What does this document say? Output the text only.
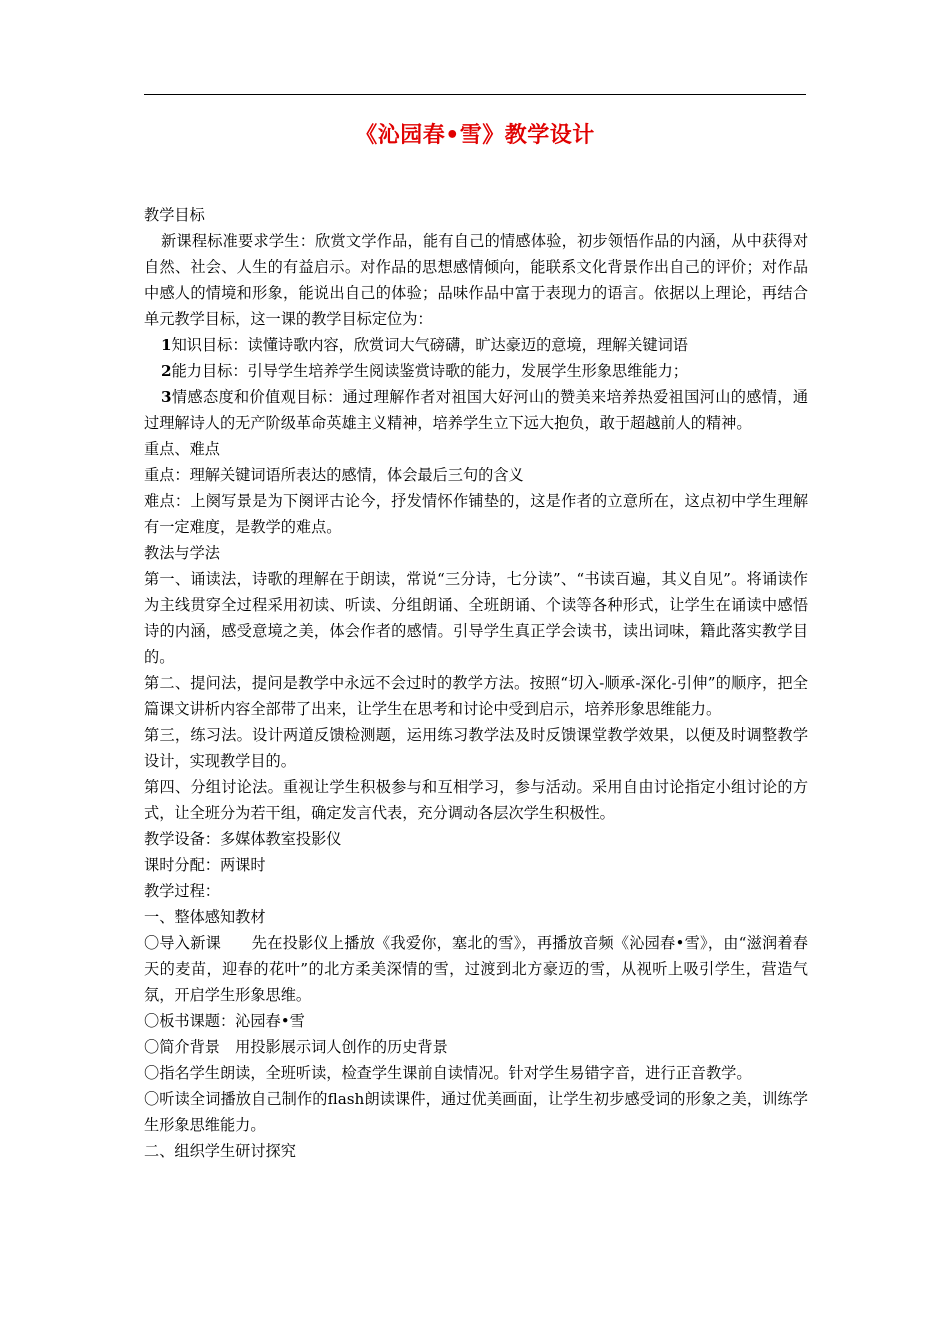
《沁园春•雪》教学设计

教学目标

新课程标准要求学生：欣赏文学作品，能有自己的情感体验，初步领悟作品的内涵，从中获得对自然、社会、人生的有益启示。对作品的思想感情倾向，能联系文化背景作出自己的评价；对作品中感人的情境和形象，能说出自己的体验；品味作品中富于表现力的语言。依据以上理论，再结合单元教学目标，这一课的教学目标定位为：

1知识目标：读懂诗歌内容，欣赏词大气磅礴，旷达豪迈的意境，理解关键词语

2能力目标：引导学生培养学生阅读鉴赏诗歌的能力，发展学生形象思维能力；

3情感态度和价值观目标：通过理解作者对祖国大好河山的赞美来培养热爱祖国河山的感情，通过理解诗人的无产阶级革命英雄主义精神，培养学生立下远大抱负，敢于超越前人的精神。

重点、难点

重点：理解关键词语所表达的感情，体会最后三句的含义

难点：上阕写景是为下阕评古论今，抒发情怀作铺垫的，这是作者的立意所在，这点初中学生理解有一定难度，是教学的难点。

教法与学法

第一、诵读法，诗歌的理解在于朗读，常说“三分诗，七分读”、“书读百遍，其义自见”。将诵读作为主线贯穿全过程采用初读、听读、分组朗诵、全班朗诵、个读等各种形式，让学生在诵读中感悟诗的内涵，感受意境之美，体会作者的感情。引导学生真正学会读书，读出词味，籍此落实教学目的。

第二、提问法，提问是教学中永远不会过时的教学方法。按照“切入-顺承-深化-引伸”的顺序，把全篇课文讲析内容全部带了出来，让学生在思考和讨论中受到启示，培养形象思维能力。

第三，练习法。设计两道反馈检测题，运用练习教学法及时反馈课堂教学效果，以便及时调整教学设计，实现教学目的。

第四、分组讨论法。重视让学生积极参与和互相学习，参与活动。采用自由讨论指定小组讨论的方式，让全班分为若干组，确定发言代表，充分调动各层次学生积极性。

教学设备：多媒体教室投影仪

课时分配：两课时

教学过程：

一、整体感知教材

〇导入新课　　先在投影仪上播放《我爱你，塞北的雪》，再播放音频《沁园春•雪》，由“滋润着春天的麦苗，迎春的花叶”的北方柔美深情的雪，过渡到北方豪迈的雪，从视听上吸引学生，营造气氛，开启学生形象思维。

〇板书课题：沁园春•雪

〇简介背景　用投影展示词人创作的历史背景

〇指名学生朗读，全班听读，检查学生课前自读情况。针对学生易错字音，进行正音教学。

〇听读全词播放自己制作的flash朗读课件，通过优美画面，让学生初步感受词的形象之美，训练学生形象思维能力。

二、组织学生研讨探究
